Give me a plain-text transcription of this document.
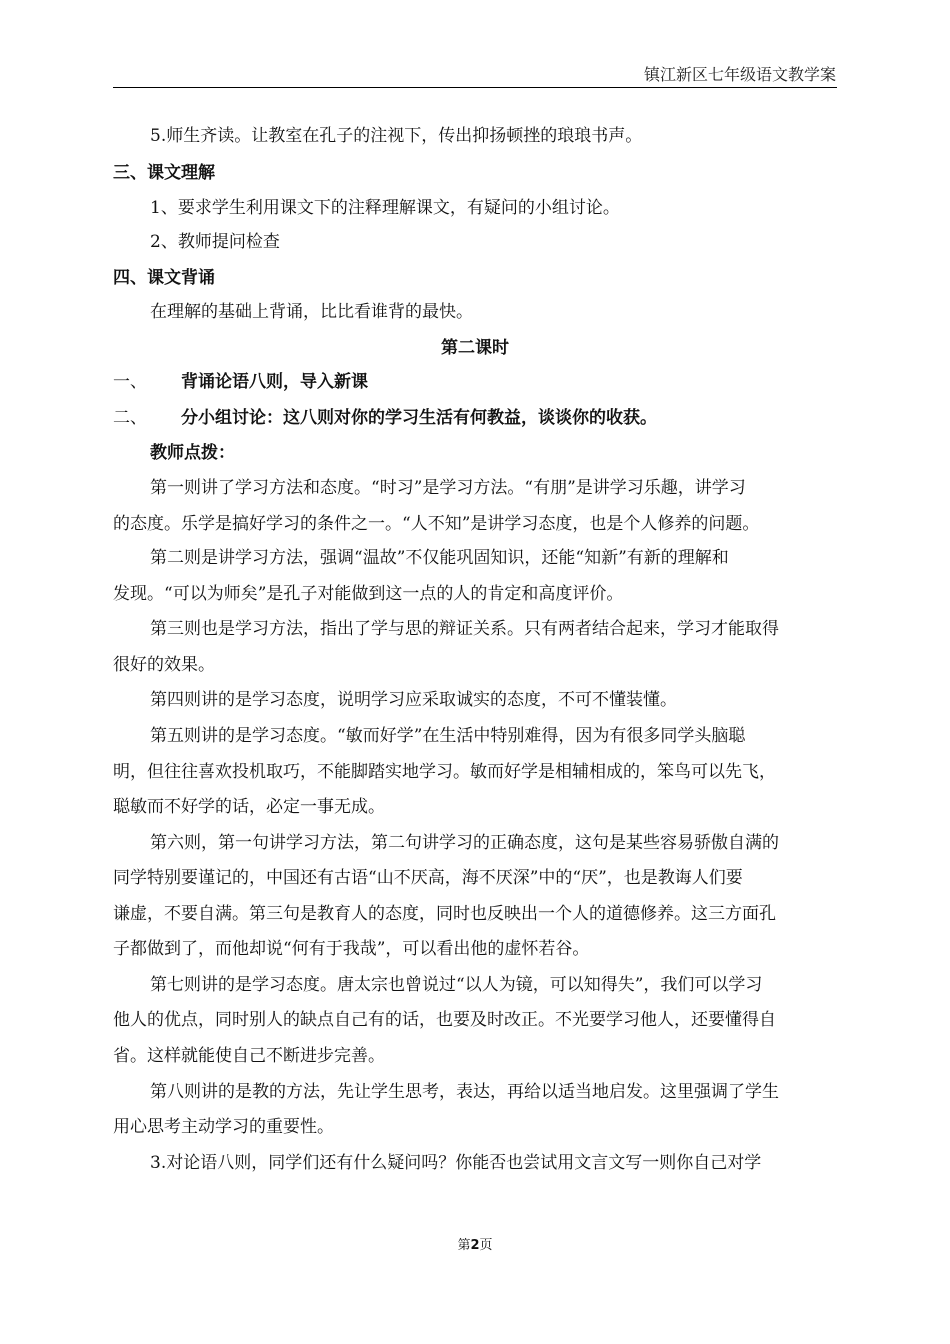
镇江新区七年级语文教学案
5.师生齐读。让教室在孔子的注视下，传出抑扬顿挫的琅琅书声。
三、课文理解
1、要求学生利用课文下的注释理解课文，有疑问的小组讨论。
2、教师提问检查
四、课文背诵
在理解的基础上背诵，比比看谁背的最快。
第二课时
一、 背诵论语八则，导入新课
二、 分小组讨论：这八则对你的学习生活有何教益，谈谈你的收获。
教师点拨：
第一则讲了学习方法和态度。“时习”是学习方法。“有朋”是讲学习乐趣，讲学习
的态度。乐学是搞好学习的条件之一。“人不知”是讲学习态度，也是个人修养的问题。
第二则是讲学习方法，强调“温故”不仅能巩固知识，还能“知新”有新的理解和
发现。“可以为师矣”是孔子对能做到这一点的人的肯定和高度评价。
第三则也是学习方法，指出了学与思的辩证关系。只有两者结合起来，学习才能取得
很好的效果。
第四则讲的是学习态度，说明学习应采取诚实的态度，不可不懂装懂。
第五则讲的是学习态度。“敏而好学”在生活中特别难得，因为有很多同学头脑聪
明，但往往喜欢投机取巧，不能脚踏实地学习。敏而好学是相辅相成的，笨鸟可以先飞，
聪敏而不好学的话，必定一事无成。
第六则，第一句讲学习方法，第二句讲学习的正确态度，这句是某些容易骄傲自满的
同学特别要谨记的，中国还有古语“山不厌高，海不厌深”中的“厌”，也是教诲人们要
谦虚，不要自满。第三句是教育人的态度，同时也反映出一个人的道德修养。这三方面孔
子都做到了，而他却说“何有于我哉”，可以看出他的虚怀若谷。
第七则讲的是学习态度。唐太宗也曾说过“以人为镜，可以知得失”，我们可以学习
他人的优点，同时别人的缺点自己有的话，也要及时改正。不光要学习他人，还要懂得自
省。这样就能使自己不断进步完善。
第八则讲的是教的方法，先让学生思考，表达，再给以适当地启发。这里强调了学生
用心思考主动学习的重要性。
3.对论语八则，同学们还有什么疑问吗？你能否也尝试用文言文写一则你自己对学
第2页
